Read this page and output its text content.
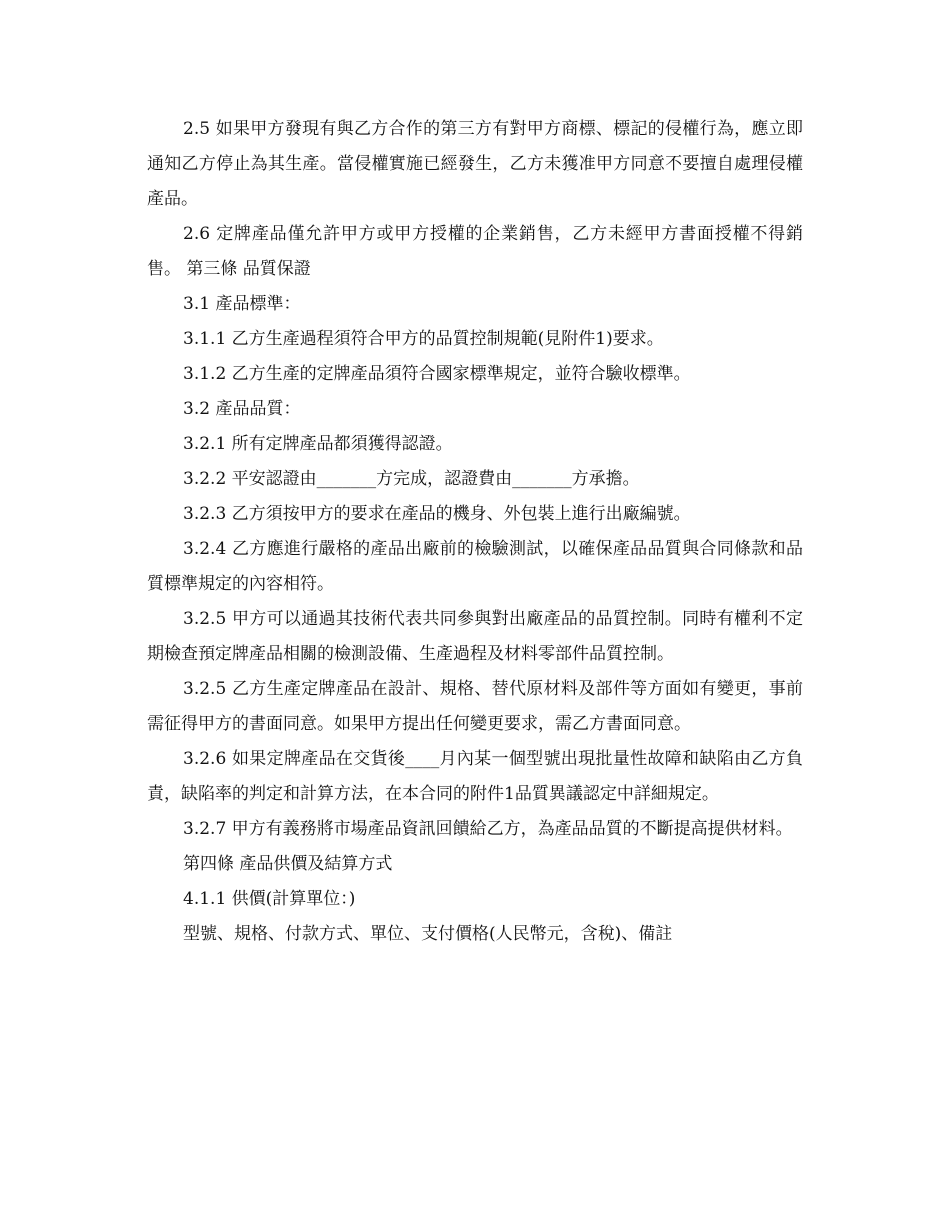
2.5 如果甲方發現有與乙方合作的第三方有對甲方商標、標記的侵權行為，應立即通知乙方停止為其生產。當侵權實施已經發生，乙方未獲准甲方同意不要擅自處理侵權產品。

2.6 定牌產品僅允許甲方或甲方授權的企業銷售，乙方未經甲方書面授權不得銷售。 第三條 品質保證

3.1 產品標準：

3.1.1 乙方生產過程須符合甲方的品質控制規範(見附件1)要求。

3.1.2 乙方生產的定牌產品須符合國家標準規定，並符合驗收標準。

3.2 產品品質：

3.2.1 所有定牌產品都須獲得認證。

3.2.2 平安認證由_______方完成，認證費由_______方承擔。

3.2.3 乙方須按甲方的要求在產品的機身、外包裝上進行出廠編號。

3.2.4 乙方應進行嚴格的產品出廠前的檢驗測試，以確保產品品質與合同條款和品質標準規定的內容相符。

3.2.5 甲方可以通過其技術代表共同參與對出廠產品的品質控制。同時有權利不定期檢查預定牌產品相關的檢測設備、生產過程及材料零部件品質控制。

3.2.5 乙方生產定牌產品在設計、規格、替代原材料及部件等方面如有變更，事前需征得甲方的書面同意。如果甲方提出任何變更要求，需乙方書面同意。

3.2.6 如果定牌產品在交貨後____月內某一個型號出現批量性故障和缺陷由乙方負責，缺陷率的判定和計算方法，在本合同的附件1品質異議認定中詳細規定。

3.2.7 甲方有義務將市場產品資訊回饋給乙方，為產品品質的不斷提高提供材料。

第四條 產品供價及結算方式

4.1.1 供價(計算單位：)

型號、規格、付款方式、單位、支付價格(人民幣元，含稅)、備註
